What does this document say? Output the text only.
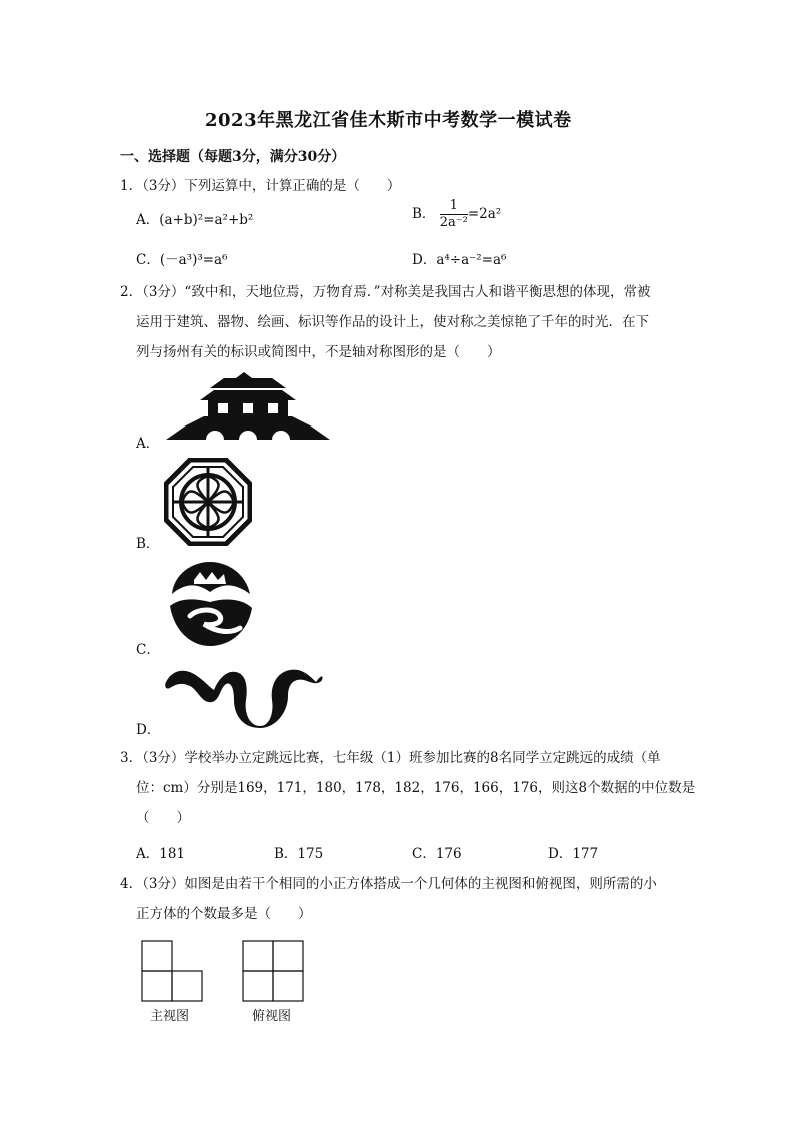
2023年黑龙江省佳木斯市中考数学一模试卷
一、选择题（每题3分，满分30分）
1．（3分）下列运算中，计算正确的是（　　）
A．(a+b)²=a²+b²	B． $\frac{1}{\text{2a⁻²}} =2a^2$
C．(－a³)³=a⁶	D．a⁴÷a⁻²=a⁶
2．（3分）“致中和，天地位焉，万物育焉．”对称美是我国古人和谐平衡思想的体现，常被
运用于建筑、器物、绘画、标识等作品的设计上，使对称之美惊艳了千年的时光．在下
列与扬州有关的标识或简图中，不是轴对称图形的是（　　）
A．
B．
C．
D．
3．（3分）学校举办立定跳远比赛，七年级（1）班参加比赛的8名同学立定跳远的成绩（单
位：cm）分别是169，171，180，178，182，176，166，176，则这8个数据的中位数是
（　　）
A．181	B．175	C．176	D．177
4．（3分）如图是由若干个相同的小正方体搭成一个几何体的主视图和俯视图，则所需的小
正方体的个数最多是（　　）
主视图	俯视图
